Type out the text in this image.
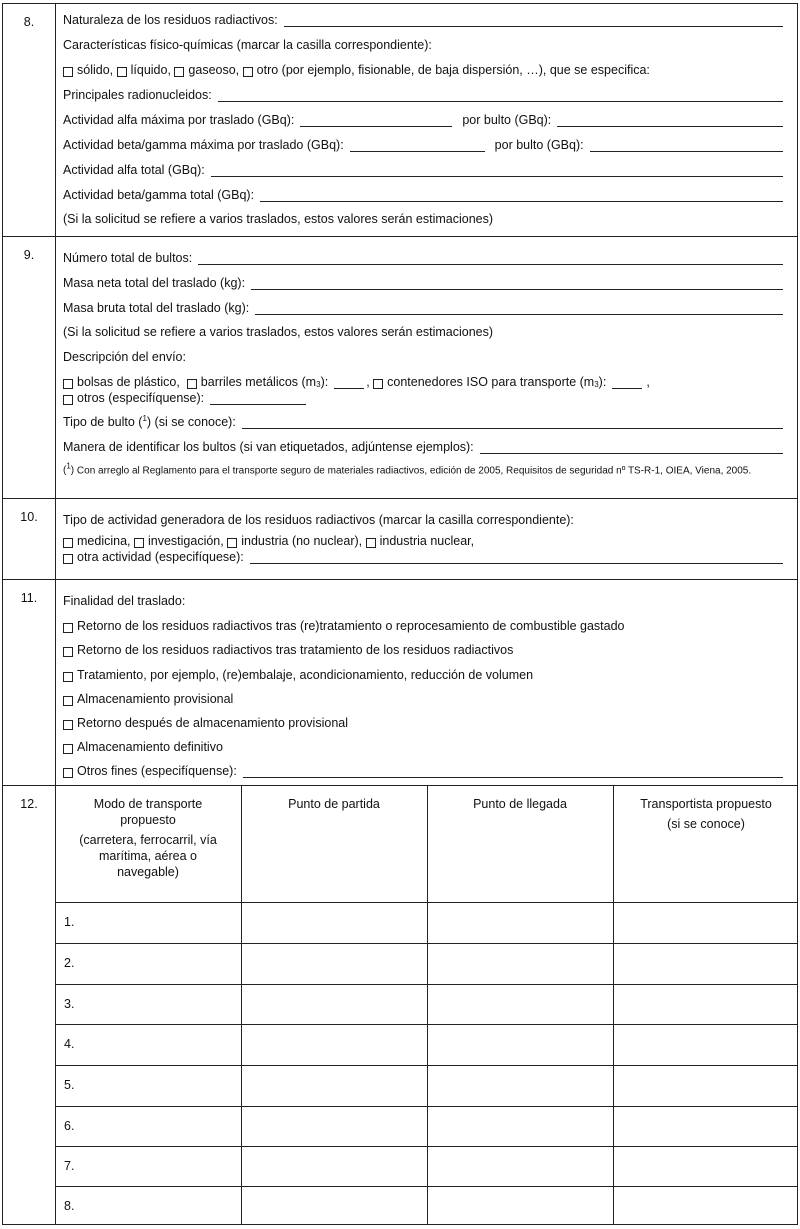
8.	Naturaleza de los residuos radiactivos:
Características físico-químicas (marcar la casilla correspondiente):
sólido,
líquido,
gaseoso,
otro (por ejemplo, fisionable, de baja dispersión, …), que se especifica:
Principales radionucleidos:
Actividad alfa máxima por traslado (GBq):	por bulto (GBq):
Actividad beta/gamma máxima por traslado (GBq):	por bulto (GBq):
Actividad alfa total (GBq):
Actividad beta/gamma total (GBq):
(Si la solicitud se refiere a varios traslados, estos valores serán estimaciones)
9.	Número total de bultos:
Masa neta total del traslado (kg):
Masa bruta total del traslado (kg):
(Si la solicitud se refiere a varios traslados, estos valores serán estimaciones)
Descripción del envío:
bolsas de plástico,
barriles metálicos ($m_3$ ):	, contenedores ISO para transporte ($m_3$ ):	,
otros (especifíquense):
Tipo de bulto ($^1$) (si se conoce):
Manera de identificar los bultos (si van etiquetados, adjúntense ejemplos):
($^1$) Con arreglo al Reglamento para el transporte seguro de materiales radiactivos, edición de 2005, Requisitos de seguridad nº TS-R-1, OIEA, Viena, 2005.
10.	Tipo de actividad generadora de los residuos radiactivos (marcar la casilla correspondiente):
medicina,
investigación,
industria (no nuclear),
industria nuclear,
otra actividad (especifíquese):
11.	Finalidad del traslado:
Retorno de los residuos radiactivos tras (re)tratamiento o reprocesamiento de combustible gastado
Retorno de los residuos radiactivos tras tratamiento de los residuos radiactivos
Tratamiento, por ejemplo, (re)embalaje, acondicionamiento, reducción de volumen
Almacenamiento provisional
Retorno después de almacenamiento provisional
Almacenamiento definitivo
Otros fines (especifíquense):
12.	Modo de transporte
propuesto
(carretera, ferrocarril, vía
marítima, aérea o
navegable)
Punto de partida	Punto de llegada	Transportista propuesto
(si se conoce)
1.
2.
3.
4.
5.
6.
7.
8.
